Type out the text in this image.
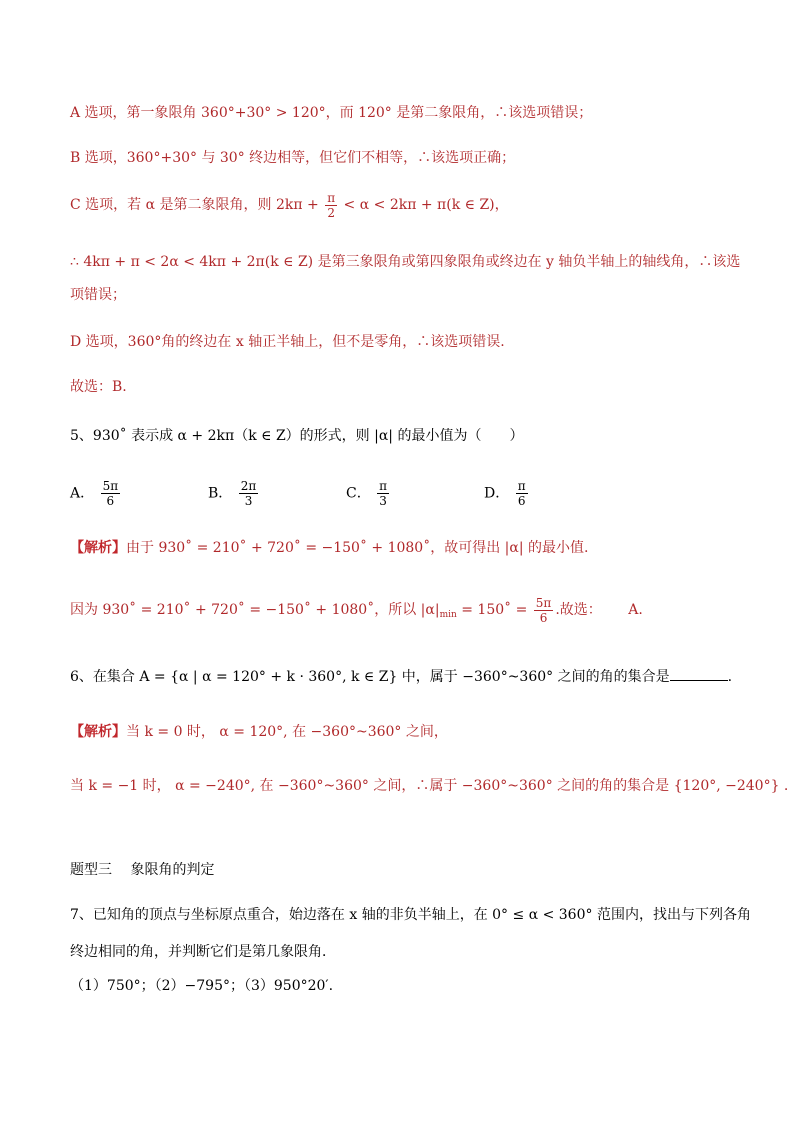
A 选项，第一象限角 360°+30° > 120°，而 120° 是第二象限角，∴该选项错误；
B 选项，360°+30° 与 30° 终边相等，但它们不相等，∴该选项正确；
C 选项，若 α 是第二象限角，则 $2k\pi + \frac{\pi}{2} < \alpha < 2k\pi + \pi(k$ ∈ Z)，
∴ 4kπ + π < 2α < 4kπ + 2π(k ∈ Z) 是第三象限角或第四象限角或终边在 y 轴负半轴上的轴线角，∴该选
项错误；
D 选项，360°角的终边在 x 轴正半轴上，但不是零角，∴该选项错误.
故选：B.
5、930˚ 表示成 α + 2kπ（k ∈ Z）的形式，则 |α| 的最小值为（　　）
A． $\frac{5\pi}{6}$	B． $\frac{2\pi}{3}$	C． $\frac{\pi}{3}$	D． $\frac{\pi}{6}$
【解析】由于 930˚ = 210˚ + 720˚ = −150˚ + 1080˚，故可得出 |α| 的最小值.
因为 930˚ = 210˚ + 720˚ = −150˚ + 1080˚，所以 $|\alpha|_{min}$ = 150˚ = $\frac{5\pi}{6}$ .故选： A.
6、在集合 A = {α | α = 120° + k · 360°, k ∈ Z} 中，属于 −360°~360° 之间的角的集合是	.
【解析】当 k = 0 时， α = 120°, 在 −360°~360° 之间，
当 k = −1 时， α = −240°, 在 −360°~360° 之间，∴属于 −360°~360° 之间的角的集合是 {120°, −240°} .
题型三　 象限角的判定
7、已知角的顶点与坐标原点重合，始边落在 x 轴的非负半轴上，在 0° ≤ α < 360° 范围内，找出与下列各角
终边相同的角，并判断它们是第几象限角．
（1）750°；（2）−795°；（3）950°20′.
